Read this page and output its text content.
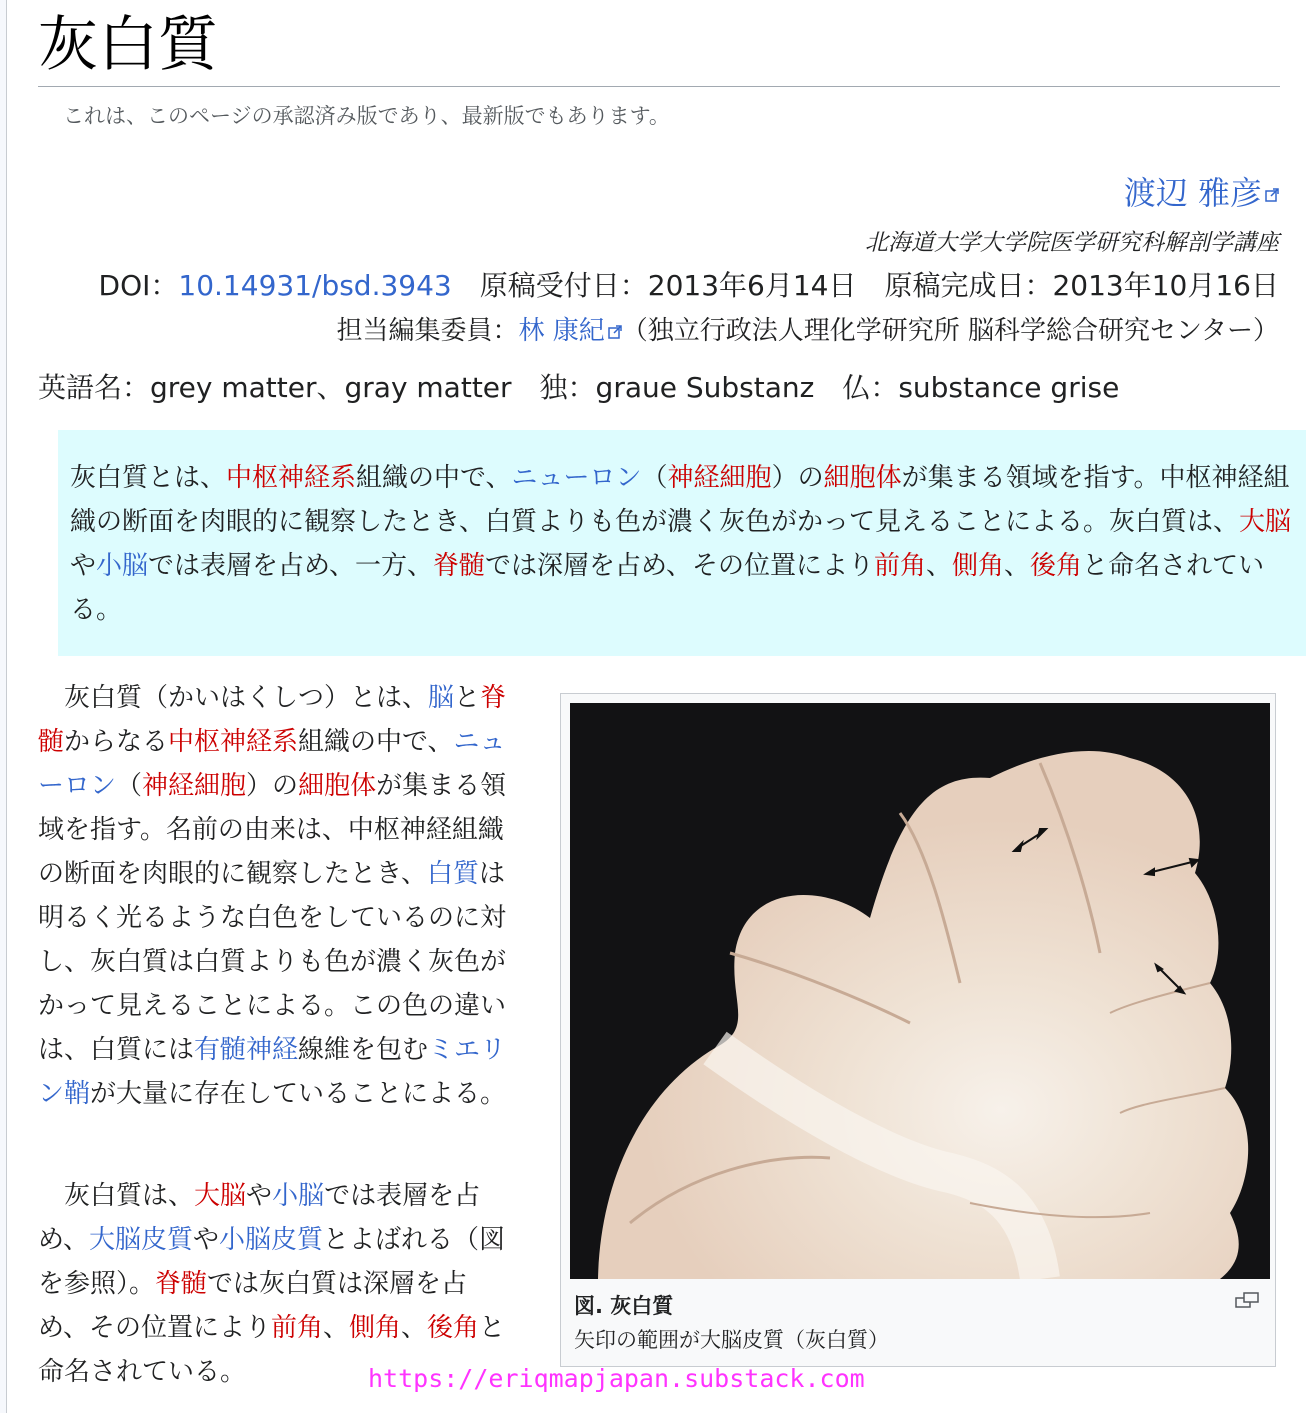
灰白質
これは、このページの承認済み版であり、最新版でもあります。
渡辺 雅彦
北海道大学大学院医学研究科解剖学講座
DOI：10.14931/bsd.3943　 原稿受付日：2013年6月14日　 原稿完成日：2013年10月16日
担当編集委員：林 康紀 （独立行政法人理化学研究所 脳科学総合研究センター）
英語名：grey matter、gray matter　独：graue Substanz　仏：substance grise
灰白質とは、中枢神経系組織の中で、ニューロン（神経細胞）の細胞体が集まる領域を指す。中枢神経組織の断面を肉眼的に観察したとき、白質よりも色が濃く灰色がかって見えることによる。灰白質は、大脳や小脳では表層を占め、一方、脊髄では深層を占め、その位置により前角、側角、後角と命名されている。
　灰白質（かいはくしつ）とは、脳と脊髄からなる中枢神経系組織の中で、ニューロン（神経細胞）の細胞体が集まる領域を指す。名前の由来は、中枢神経組織の断面を肉眼的に観察したとき、白質は明るく光るような白色をしているのに対し、灰白質は白質よりも色が濃く灰色がかって見えることによる。この色の違いは、白質には有髄神経線維を包むミエリン鞘が大量に存在していることによる。
　灰白質は、大脳や小脳では表層を占め、大脳皮質や小脳皮質とよばれる（図を参照）。脊髄では灰白質は深層を占め、その位置により前角、側角、後角と命名されている。
図. 灰白質
矢印の範囲が大脳皮質（灰白質）
https://eriqmapjapan.substack.com
